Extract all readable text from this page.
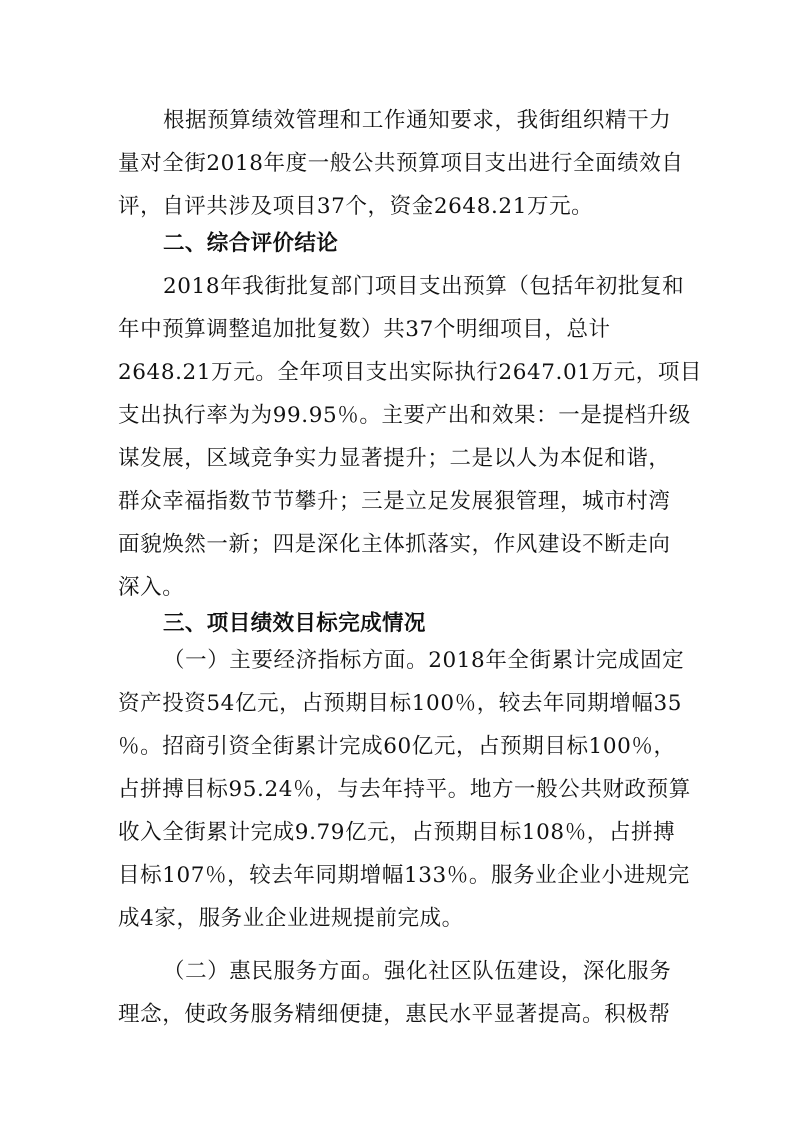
根据预算绩效管理和工作通知要求，我街组织精干力
量对全街2018年度一般公共预算项目支出进行全面绩效自
评，自评共涉及项目37个，资金2648.21万元。
二、综合评价结论
2018年我街批复部门项目支出预算（包括年初批复和
年中预算调整追加批复数）共37个明细项目，总计
2648.21万元。全年项目支出实际执行2647.01万元，项目
支出执行率为为99.95％。主要产出和效果：一是提档升级
谋发展，区域竞争实力显著提升；二是以人为本促和谐，
群众幸福指数节节攀升；三是立足发展狠管理，城市村湾
面貌焕然一新；四是深化主体抓落实，作风建设不断走向
深入。
三、项目绩效目标完成情况
（一）主要经济指标方面。2018年全街累计完成固定
资产投资54亿元，占预期目标100％，较去年同期增幅35
％。招商引资全街累计完成60亿元，占预期目标100％，
占拼搏目标95.24％，与去年持平。地方一般公共财政预算
收入全街累计完成9.79亿元，占预期目标108％，占拼搏
目标107％，较去年同期增幅133％。服务业企业小进规完
成4家，服务业企业进规提前完成。
（二）惠民服务方面。强化社区队伍建设，深化服务
理念，使政务服务精细便捷，惠民水平显著提高。积极帮
